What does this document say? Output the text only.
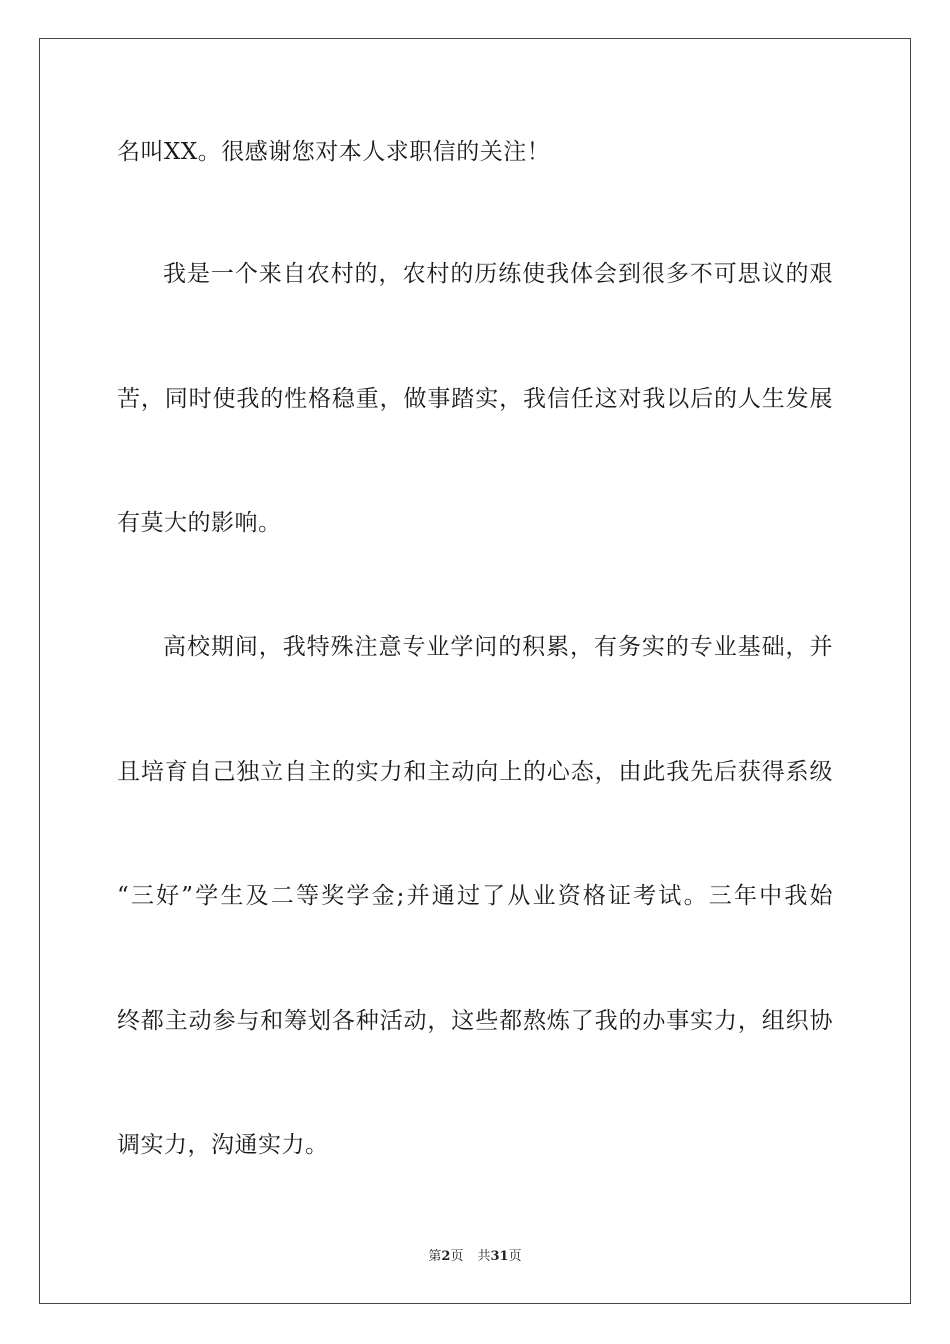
名叫XX。很感谢您对本人求职信的关注！
我是一个来自农村的，农村的历练使我体会到很多不可思议的艰
苦，同时使我的性格稳重，做事踏实，我信任这对我以后的人生发展
有莫大的影响。
高校期间，我特殊注意专业学问的积累，有务实的专业基础，并
且培育自己独立自主的实力和主动向上的心态，由此我先后获得系级
“三好”学生及二等奖学金;并通过了从业资格证考试。三年中我始
终都主动参与和筹划各种活动，这些都熬炼了我的办事实力，组织协
调实力，沟通实力。
第2页 共31页
